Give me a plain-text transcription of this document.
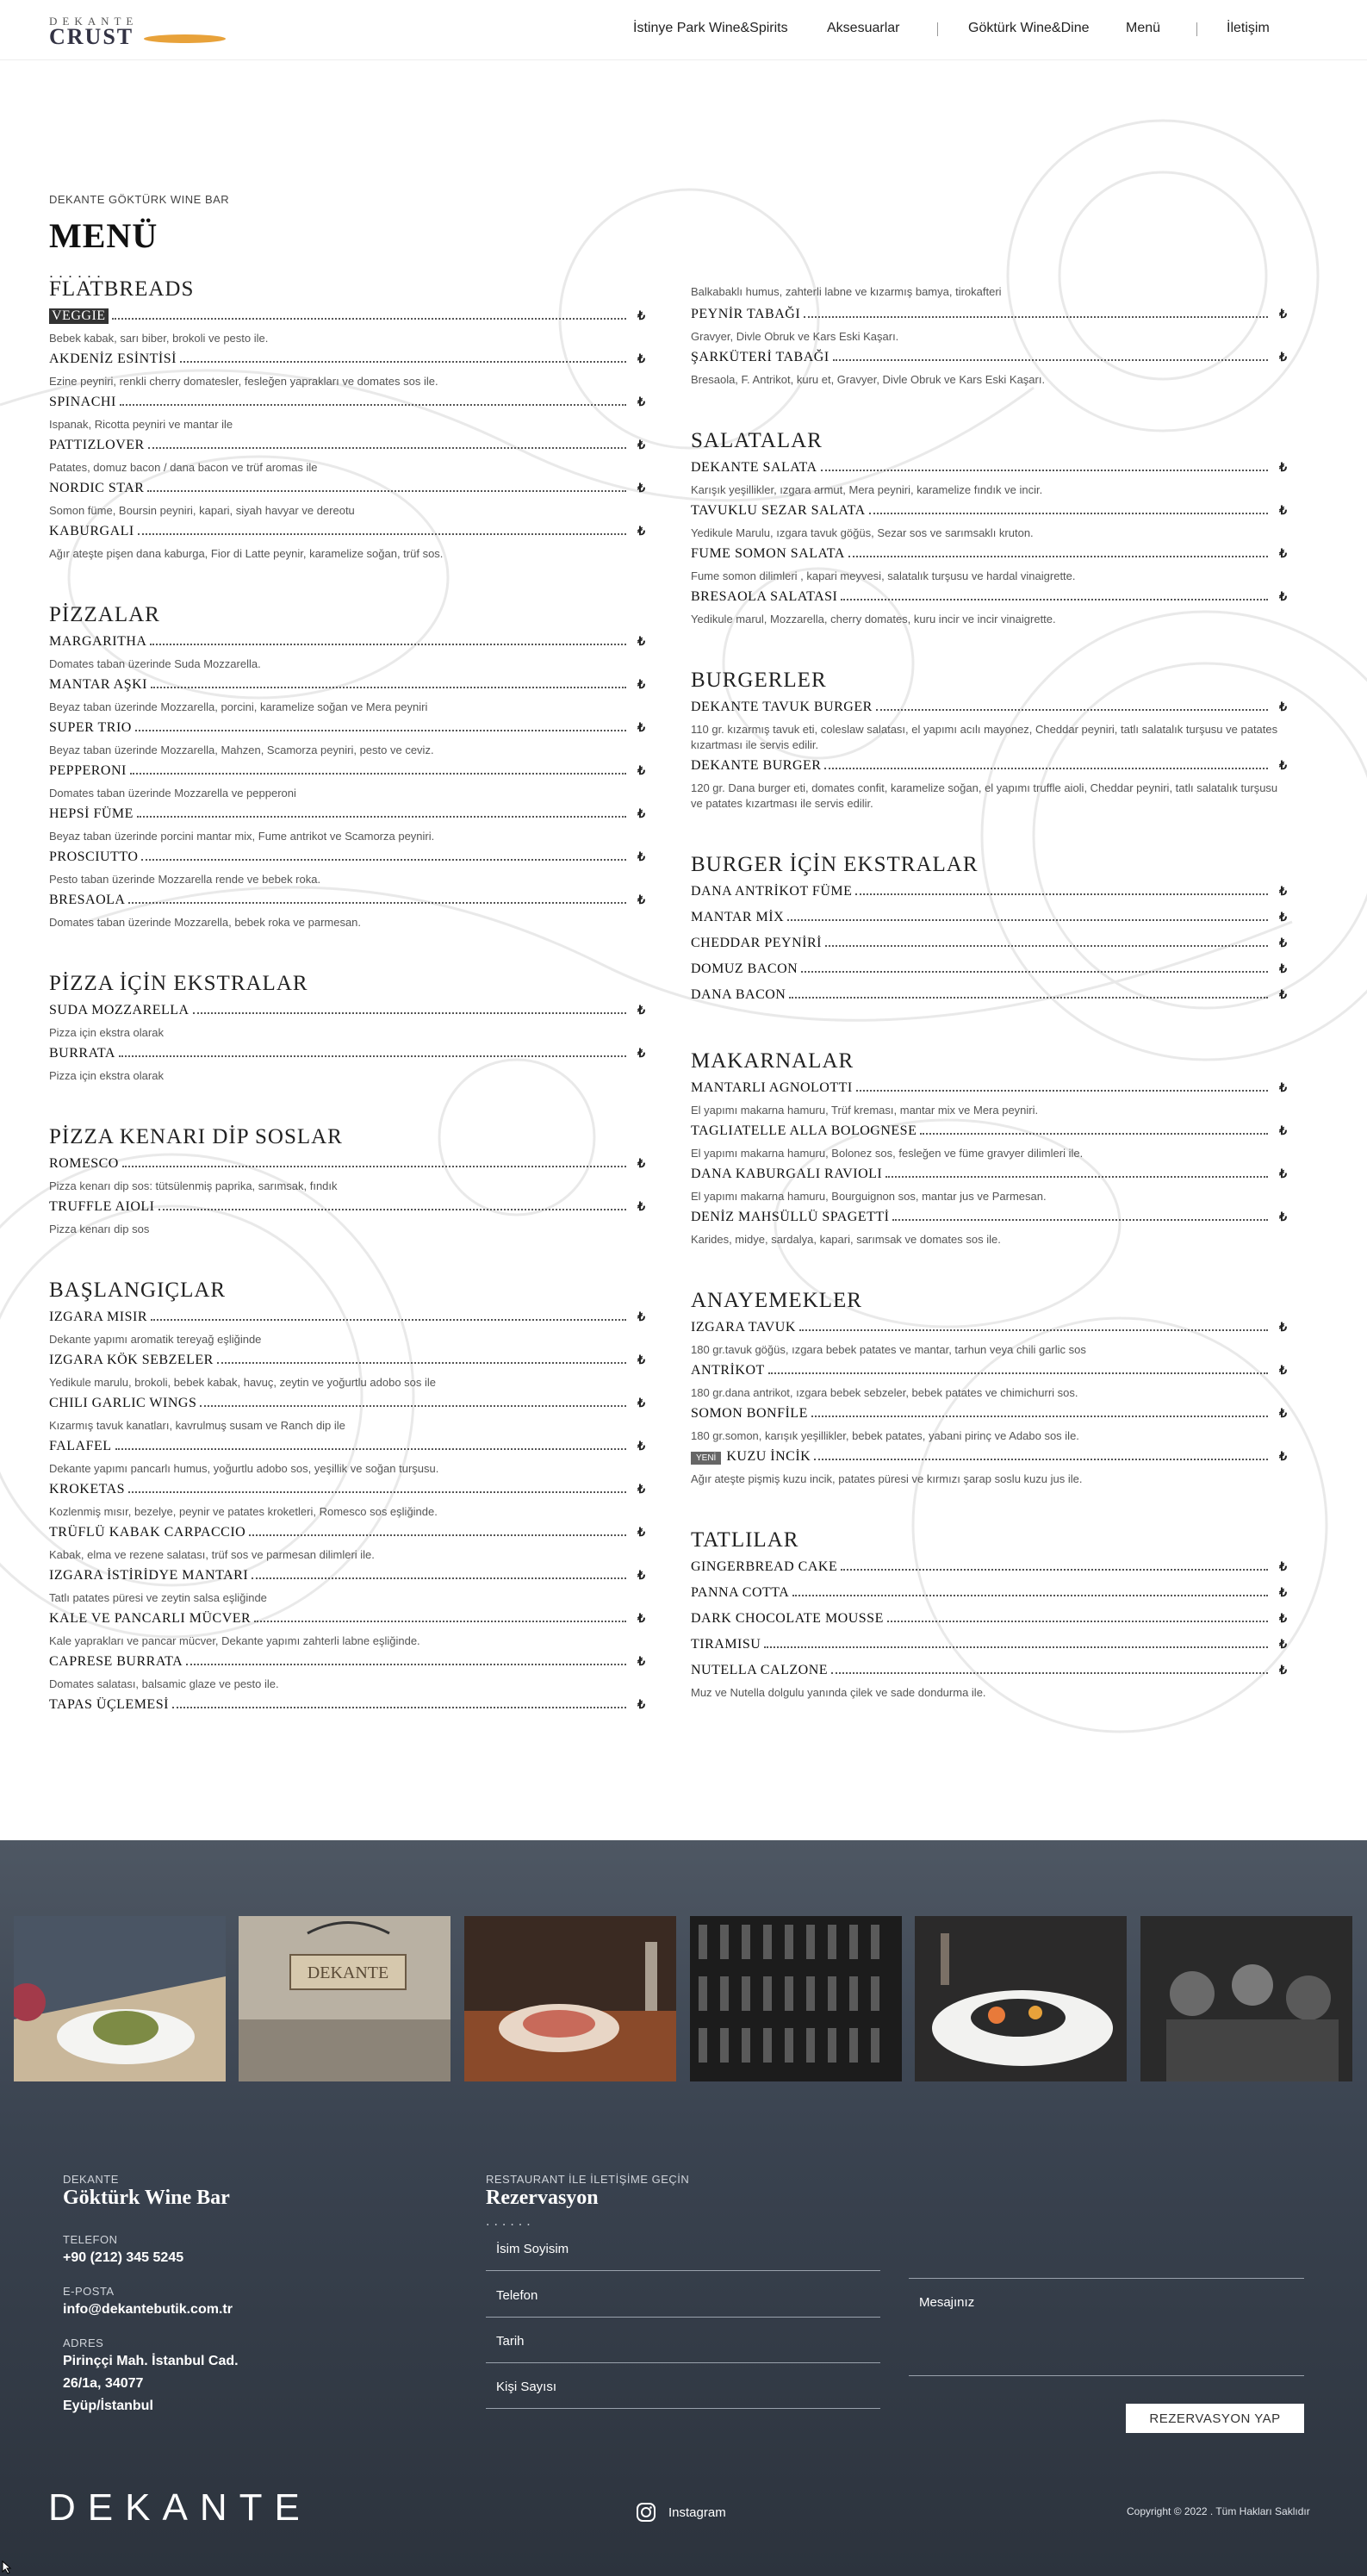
DEKANTE
CRUST	İstinye Park Wine&Spirits	Aksesuarlar	Göktürk Wine&Dine	Menü	İletişim
DEKANTE GÖKTÜRK WINE BAR
MENÜ
......
FLATBREADS
VEGGIE	₺
Bebek kabak, sarı biber, brokoli ve pesto ile.
AKDENİZ ESİNTİSİ	₺
Ezine peyniri, renkli cherry domatesler, fesleğen yaprakları ve domates sos ile.
SPINACHI	₺
Ispanak, Ricotta peyniri ve mantar ile
PATTIZLOVER	₺
Patates, domuz bacon / dana bacon ve trüf aromas ile
NORDIC STAR	₺
Somon füme, Boursin peyniri, kapari, siyah havyar ve dereotu
KABURGALI	₺
Ağır ateşte pişen dana kaburga, Fior di Latte peynir, karamelize soğan, trüf sos.
PİZZALAR
MARGARITHA	₺
Domates taban üzerinde Suda Mozzarella.
MANTAR AŞKI	₺
Beyaz taban üzerinde Mozzarella, porcini, karamelize soğan ve Mera peyniri
SUPER TRIO	₺
Beyaz taban üzerinde Mozzarella, Mahzen, Scamorza peyniri, pesto ve ceviz.
PEPPERONI	₺
Domates taban üzerinde Mozzarella ve pepperoni
HEPSİ FÜME	₺
Beyaz taban üzerinde porcini mantar mix, Fume antrikot ve Scamorza peyniri.
PROSCIUTTO	₺
Pesto taban üzerinde Mozzarella rende ve bebek roka.
BRESAOLA	₺
Domates taban üzerinde Mozzarella, bebek roka ve parmesan.
PİZZA İÇİN EKSTRALAR
SUDA MOZZARELLA	₺
Pizza için ekstra olarak
BURRATA	₺
Pizza için ekstra olarak
PİZZA KENARI DİP SOSLAR
ROMESCO	₺
Pizza kenarı dip sos: tütsülenmiş paprika, sarımsak, fındık
TRUFFLE AIOLI	₺
Pizza kenarı dip sos
BAŞLANGIÇLAR
IZGARA MISIR	₺
Dekante yapımı aromatik tereyağ eşliğinde
IZGARA KÖK SEBZELER	₺
Yedikule marulu, brokoli, bebek kabak, havuç, zeytin ve yoğurtlu adobo sos ile
CHILI GARLIC WINGS	₺
Kızarmış tavuk kanatları, kavrulmuş susam ve Ranch dip ile
FALAFEL	₺
Dekante yapımı pancarlı humus, yoğurtlu adobo sos, yeşillik ve soğan turşusu.
KROKETAS	₺
Kozlenmiş mısır, bezelye, peynir ve patates kroketleri, Romesco sos eşliğinde.
TRÜFLÜ KABAK CARPACCIO	₺
Kabak, elma ve rezene salatası, trüf sos ve parmesan dilimleri ile.
IZGARA İSTİRİDYE MANTARI	₺
Tatlı patates püresi ve zeytin salsa eşliğinde
KALE VE PANCARLI MÜCVER	₺
Kale yaprakları ve pancar mücver, Dekante yapımı zahterli labne eşliğinde.
CAPRESE BURRATA	₺
Domates salatası, balsamic glaze ve pesto ile.
TAPAS ÜÇLEMESİ	₺
Balkabaklı humus, zahterli labne ve kızarmış bamya, tirokafteri
PEYNİR TABAĞI	₺
Gravyer, Divle Obruk ve Kars Eski Kaşarı.
ŞARKÜTERİ TABAĞI	₺
Bresaola, F. Antrikot, kuru et, Gravyer, Divle Obruk ve Kars Eski Kaşarı.
SALATALAR
DEKANTE SALATA	₺
Karışık yeşillikler, ızgara armut, Mera peyniri, karamelize fındık ve incir.
TAVUKLU SEZAR SALATA	₺
Yedikule Marulu, ızgara tavuk göğüs, Sezar sos ve sarımsaklı kruton.
FUME SOMON SALATA	₺
Fume somon dilimleri , kapari meyvesi, salatalık turşusu ve hardal vinaigrette.
BRESAOLA SALATASI	₺
Yedikule marul, Mozzarella, cherry domates, kuru incir ve incir vinaigrette.
BURGERLER
DEKANTE TAVUK BURGER	₺
110 gr. kızarmış tavuk eti, coleslaw salatası, el yapımı acılı mayonez, Cheddar peyniri, tatlı salatalık turşusu ve patates kızartması ile servis edilir.
DEKANTE BURGER	₺
120 gr. Dana burger eti, domates confit, karamelize soğan, el yapımı truffle aioli, Cheddar peyniri, tatlı salatalık turşusu ve patates kızartması ile servis edilir.
BURGER İÇİN EKSTRALAR
DANA ANTRİKOT FÜME	₺
MANTAR MİX	₺
CHEDDAR PEYNİRİ	₺
DOMUZ BACON	₺
DANA BACON	₺
MAKARNALAR
MANTARLI AGNOLOTTI	₺
El yapımı makarna hamuru, Trüf kreması, mantar mix ve Mera peyniri.
TAGLIATELLE ALLA BOLOGNESE	₺
El yapımı makarna hamuru, Bolonez sos, fesleğen ve füme gravyer dilimleri ile.
DANA KABURGALI RAVIOLI	₺
El yapımı makarna hamuru, Bourguignon sos, mantar jus ve Parmesan.
DENİZ MAHSÜLLÜ SPAGETTİ	₺
Karides, midye, sardalya, kapari, sarımsak ve domates sos ile.
ANAYEMEKLER
IZGARA TAVUK	₺
180 gr.tavuk göğüs, ızgara bebek patates ve mantar, tarhun veya chili garlic sos
ANTRİKOT	₺
180 gr.dana antrikot, ızgara bebek sebzeler, bebek patates ve chimichurri sos.
SOMON BONFİLE	₺
180 gr.somon, karışık yeşillikler, bebek patates, yabani pirinç ve Adabo sos ile.
YENİ KUZU İNCİK	₺
Ağır ateşte pişmiş kuzu incik, patates püresi ve kırmızı şarap soslu kuzu jus ile.
TATLILAR
GINGERBREAD CAKE	₺
PANNA COTTA	₺
DARK CHOCOLATE MOUSSE	₺
TIRAMISU	₺
NUTELLA CALZONE	₺
Muz ve Nutella dolgulu yanında çilek ve sade dondurma ile.
DEKANTE
DEKANTE
Göktürk Wine Bar
TELEFON
+90 (212) 345 5245
E-POSTA
info@dekantebutik.com.tr
ADRES
Pirinççi Mah. İstanbul Cad.
26/1a, 34077
Eyüp/İstanbul
RESTAURANT İLE İLETİŞİME GEÇİN
Rezervasyon
......
İsim Soyisim
Telefon
Tarih
Kişi Sayısı
Mesajınız
DEKANTE	Instagram	Copyright © 2022 . Tüm Hakları Saklıdır
REZERVASYON YAP
